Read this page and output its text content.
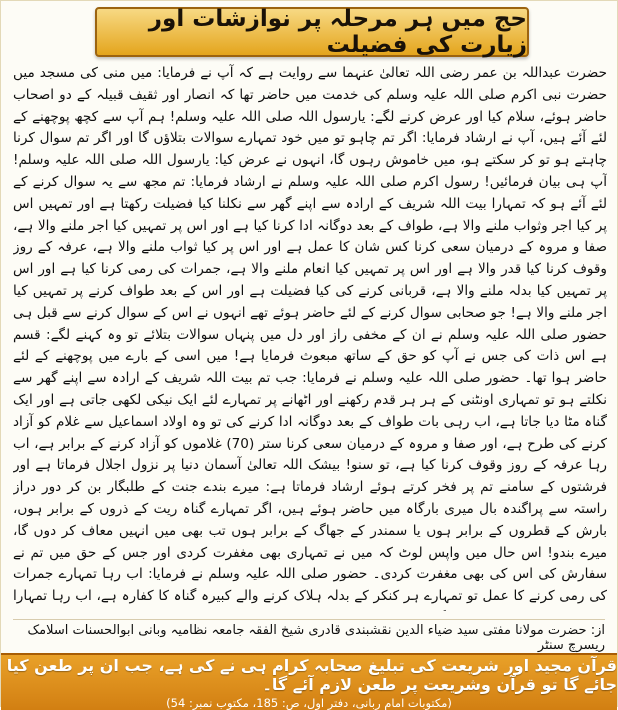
حج میں ہر مرحلہ پر نوازشات اور زیارت کی فضیلت
حضرت عبداللہ بن عمر رضی اللہ تعالیٰ عنہما سے روایت ہے کہ آپ نے فرمایا: میں منی کی مسجد میں حضرت نبی اکرم صلی اللہ علیہ وسلم کی خدمت میں حاضر تھا کہ انصار اور ثقیف قبیلہ کے دو اصحاب حاضر ہوئے، سلام کیا اور عرض کرنے لگے: یارسول اللہ صلی اللہ علیہ وسلم! ہم آپ سے کچھ پوچھنے کے لئے آئے ہیں، آپ نے ارشاد فرمایا: اگر تم چاہو تو میں خود تمہارے سوالات بتلاؤں گا اور اگر تم سوال کرنا چاہتے ہو تو کر سکتے ہو، میں خاموش رہوں گا، انہوں نے عرض کیا: یارسول اللہ صلی اللہ علیہ وسلم! آپ ہی بیان فرمائیں! رسول اکرم صلی اللہ علیہ وسلم نے ارشاد فرمایا: تم مجھ سے یہ سوال کرنے کے لئے آئے ہو کہ تمہارا بیت اللہ شریف کے ارادہ سے اپنے گھر سے نکلنا کیا فضیلت رکھتا ہے اور تمہیں اس پر کیا اجر وثواب ملنے والا ہے، طواف کے بعد دوگانہ ادا کرنا کیا ہے اور اس پر تمہیں کیا اجر ملنے والا ہے، صفا و مروہ کے درمیان سعی کرنا کس شان کا عمل ہے اور اس پر کیا ثواب ملنے والا ہے، عرفہ کے روز وقوف کرنا کیا قدر والا ہے اور اس پر تمہیں کیا انعام ملنے والا ہے، جمرات کی رمی کرنا کیا ہے اور اس پر تمہیں کیا بدلہ ملنے والا ہے، قربانی کرنے کی کیا فضیلت ہے اور اس کے بعد طواف کرنے پر تمہیں کیا اجر ملنے والا ہے! جو صحابی سوال کرنے کے لئے حاضر ہوئے تھے انہوں نے اس کے سوال کرنے سے قبل ہی حضور صلی اللہ علیہ وسلم نے ان کے مخفی راز اور دل میں پنہاں سوالات بتلائے تو وہ کہنے لگے: قسم ہے اس ذات کی جس نے آپ کو حق کے ساتھ مبعوث فرمایا ہے! میں اسی کے بارے میں پوچھنے کے لئے حاضر ہوا تھا۔ حضور صلی اللہ علیہ وسلم نے فرمایا: جب تم بیت اللہ شریف کے ارادہ سے اپنے گھر سے نکلتے ہو تو تمہاری اونٹنی کے ہر ہر قدم رکھنے اور اٹھانے پر تمہارے لئے ایک نیکی لکھی جاتی ہے اور ایک گناہ مٹا دیا جاتا ہے، اب رہی بات طواف کے بعد دوگانہ ادا کرنے کی تو وہ اولاد اسماعیل سے غلام کو آزاد کرنے کی طرح ہے، اور صفا و مروہ کے درمیان سعی کرنا ستر (70) غلاموں کو آزاد کرنے کے برابر ہے، اب رہا عرفہ کے روز وقوف کرنا کیا ہے، تو سنو! بیشک اللہ تعالیٰ آسمان دنیا پر نزول اجلال فرماتا ہے اور فرشتوں کے سامنے تم پر فخر کرتے ہوئے ارشاد فرماتا ہے: میرے بندے جنت کے طلبگار بن کر دور دراز راستہ سے پراگندہ بال میری بارگاہ میں حاضر ہوئے ہیں، اگر تمہارے گناہ ریت کے ذروں کے برابر ہوں، بارش کے قطروں کے برابر ہوں یا سمندر کے جھاگ کے برابر ہوں تب بھی میں انہیں معاف کر دوں گا، میرے بندو! اس حال میں واپس لوٹ کہ میں نے تمہاری بھی مغفرت کردی اور جس کے حق میں تم نے سفارش کی اس کی بھی مغفرت کردی۔ حضور صلی اللہ علیہ وسلم نے فرمایا: اب رہا تمہارے جمرات کی رمی کرنے کا عمل تو تمہارے ہر کنکر کے بدلہ ہلاک کرنے والے کبیرہ گناہ کا کفارہ ہے، اب رہا تمہارا
از: حضرت مولانا مفتی سید ضیاء الدین نقشبندی قادری شیخ الفقہ جامعہ نظامیہ وبانی ابوالحسنات اسلامک ریسرچ سنٹر
قرآن مجید اور شریعت کی تبلیغ صحابہ کرام ہی نے کی ہے، جب ان پر طعن کیا جائے گا تو قرآن وشریعت پر طعن لازم آئے گا۔
(مکتوبات امام ربانی، دفتر اول، ص: 185، مکتوب نمبر: 54)
